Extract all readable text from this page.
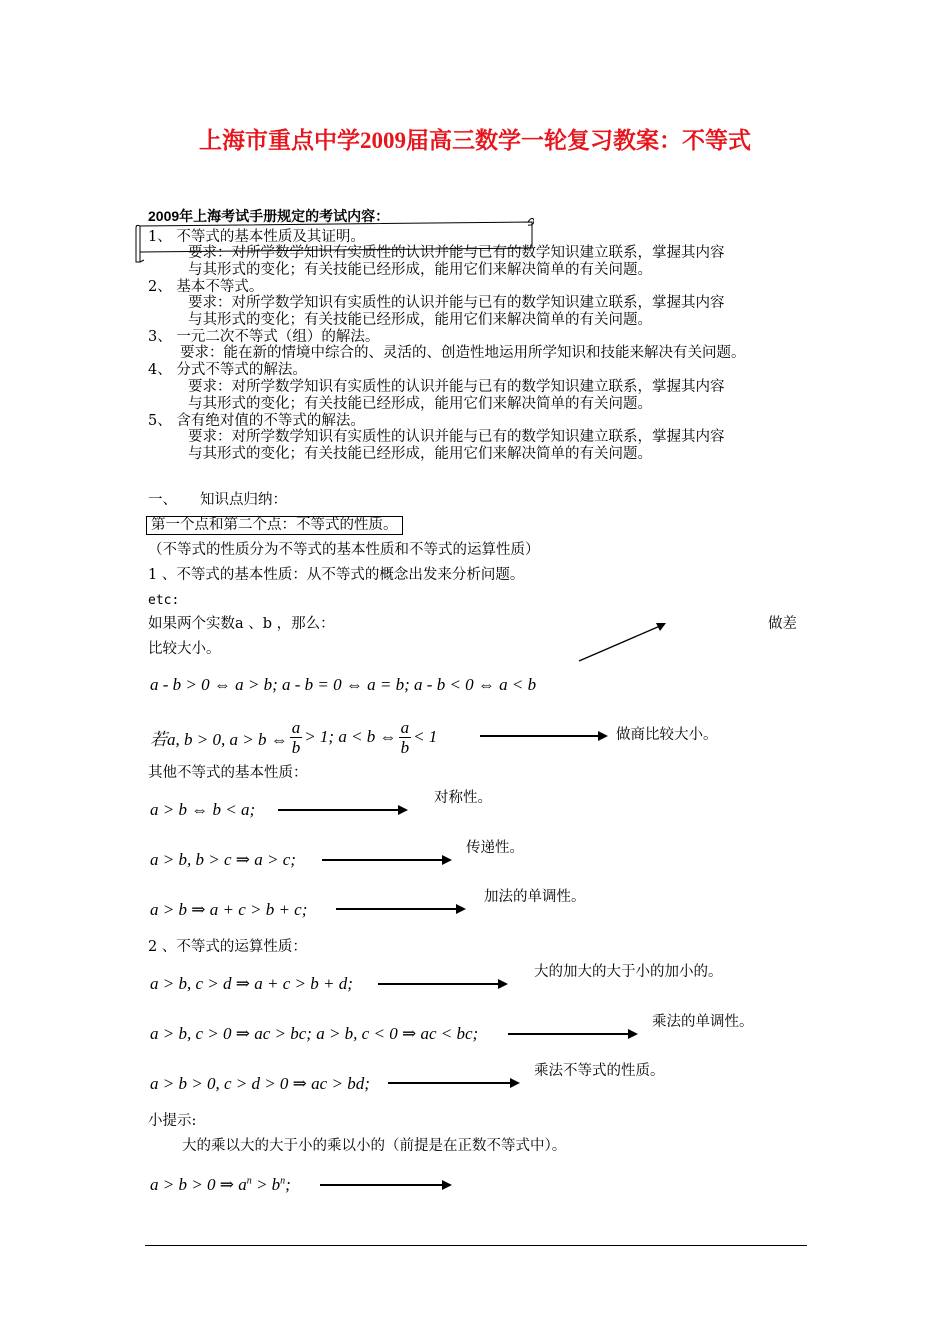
上海市重点中学2009届高三数学一轮复习教案：不等式
2009年上海考试手册规定的考试内容：
1、 不等式的基本性质及其证明。
要求：对所学数学知识有实质性的认识并能与已有的数学知识建立联系，掌握其内容
与其形式的变化；有关技能已经形成，能用它们来解决简单的有关问题。
2、 基本不等式。
要求：对所学数学知识有实质性的认识并能与已有的数学知识建立联系，掌握其内容
与其形式的变化；有关技能已经形成，能用它们来解决简单的有关问题。
3、 一元二次不等式（组）的解法。
要求：能在新的情境中综合的、灵活的、创造性地运用所学知识和技能来解决有关问题。
4、 分式不等式的解法。
要求：对所学数学知识有实质性的认识并能与已有的数学知识建立联系，掌握其内容
与其形式的变化；有关技能已经形成，能用它们来解决简单的有关问题。
5、 含有绝对值的不等式的解法。
要求：对所学数学知识有实质性的认识并能与已有的数学知识建立联系，掌握其内容
与其形式的变化；有关技能已经形成，能用它们来解决简单的有关问题。
一、 知识点归纳：
第一个点和第二个点：不等式的性质。
（不等式的性质分为不等式的基本性质和不等式的运算性质）
1 、不等式的基本性质：从不等式的概念出发来分析问题。
etc:
如果两个实数a 、b ，那么：	做差
比较大小。
a - b > 0 ⇔ a > b; a - b = 0 ⇔ a = b; a - b < 0 ⇔ a < b
若a, b > 0, a > b ⇔ $\frac{a}{b} > 1$; a < b ⇔ $\frac{a}{b} < 1$	做商比较大小。
其他不等式的基本性质：
a > b ⇔ b < a;
对称性。
a > b, b > c ⇒ a > c;
传递性。
a > b ⇒ a + c > b + c;
加法的单调性。
2 、不等式的运算性质：
a > b, c > d ⇒ a + c > b + d;
大的加大的大于小的加小的。
a > b, c > 0 ⇒ ac > bc; a > b, c < 0 ⇒ ac < bc;
乘法的单调性。
a > b > 0, c > d > 0 ⇒ ac > bd;
乘法不等式的性质。
小提示:
大的乘以大的大于小的乘以小的（前提是在正数不等式中）。
a > b > 0 ⇒ $a^n > b^n$;
